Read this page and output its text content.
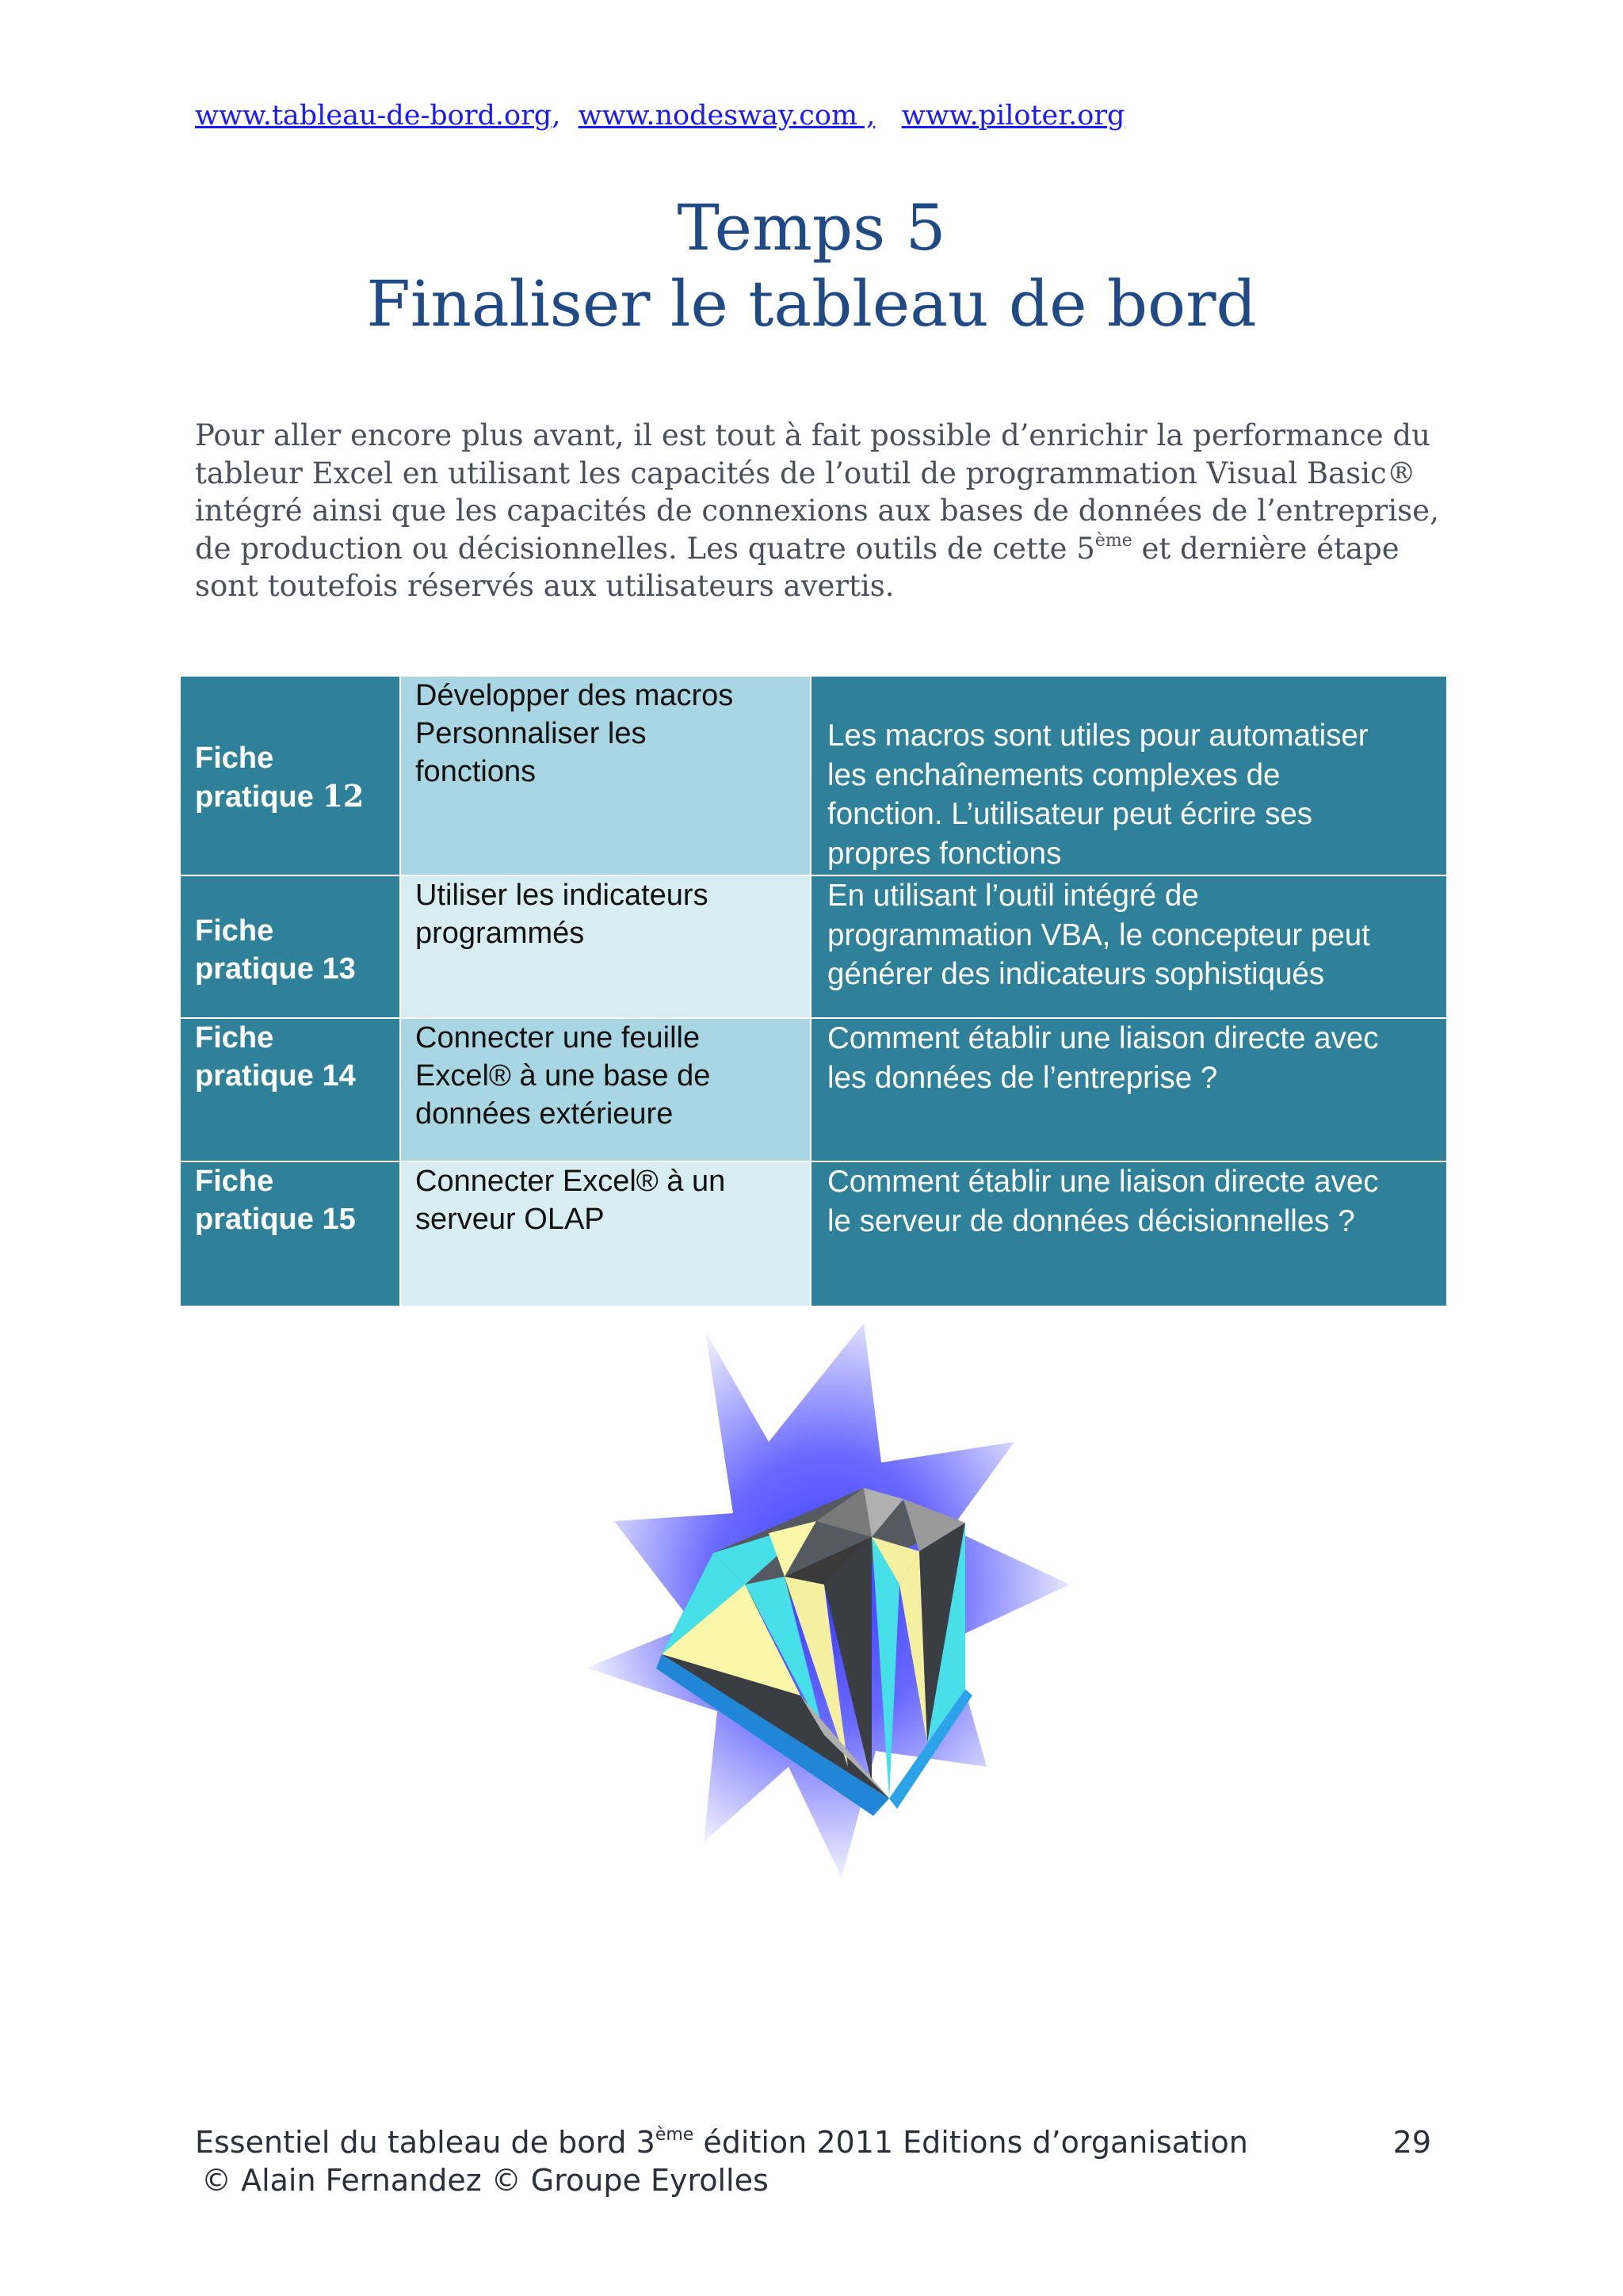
www.tableau-de-bord.org, www.nodesway.com , www.piloter.org
Temps 5
Finaliser le tableau de bord
Pour aller encore plus avant, il est tout à fait possible d’enrichir la performance du tableur Excel en utilisant les capacités de l’outil de programmation Visual Basic® intégré ainsi que les capacités de connexions aux bases de données de l’entreprise, de production ou décisionnelles. Les quatre outils de cette 5ème et dernière étape sont toutefois réservés aux utilisateurs avertis.
Fiche
pratique 12
Développer des macros
Personnaliser les
fonctions
Les macros sont utiles pour automatiser
les enchaînements complexes de
fonction. L’utilisateur peut écrire ses
propres fonctions
Fiche
pratique 13
Utiliser les indicateurs
programmés
En utilisant l’outil intégré de
programmation VBA, le concepteur peut
générer des indicateurs sophistiqués
Fiche
pratique 14
Connecter une feuille
Excel® à une base de
données extérieure
Comment établir une liaison directe avec
les données de l’entreprise ?
Fiche
pratique 15
Connecter Excel® à un
serveur OLAP
Comment établir une liaison directe avec
le serveur de données décisionnelles ?
Essentiel du tableau de bord 3ème édition 2011 Editions d’organisation	29
© Alain Fernandez © Groupe Eyrolles
